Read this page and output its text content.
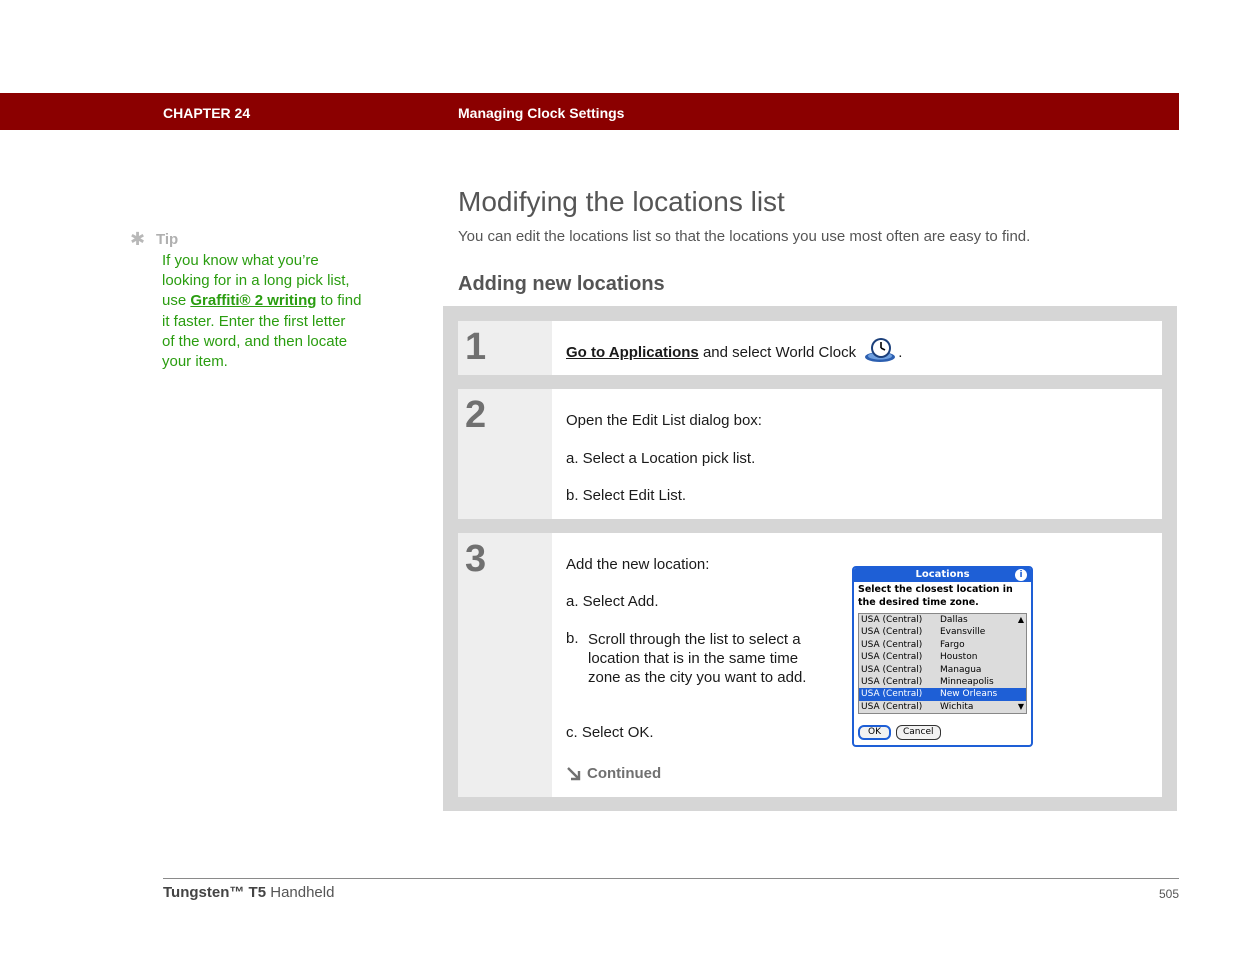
CHAPTER 24	Managing Clock Settings
✱ Tip
If you know what you’re looking for in a long pick list, use Graffiti® 2 writing to find it faster. Enter the first letter of the word, and then locate your item.
Modifying the locations list

You can edit the locations list so that the locations you use most often are easy to find.

Adding new locations
1	Go to Applications and select World Clock	.
2	Open the Edit List dialog box:
a. Select a Location pick list.
b. Select Edit List.
3	Add the new location:
a. Select Add.
b. Scroll through the list to select a location that is in the same time zone as the city you want to add.
c. Select OK.
Continued
Locations	i
Select the closest location in
the desired time zone.
USA (Central)	Dallas
USA (Central)	Evansville
USA (Central)	Fargo
USA (Central)	Houston
USA (Central)	Managua
USA (Central)	Minneapolis
USA (Central)	New Orleans
USA (Central)	Wichita
▲
▼
OK	Cancel
Tungsten™ T5 Handheld	505
